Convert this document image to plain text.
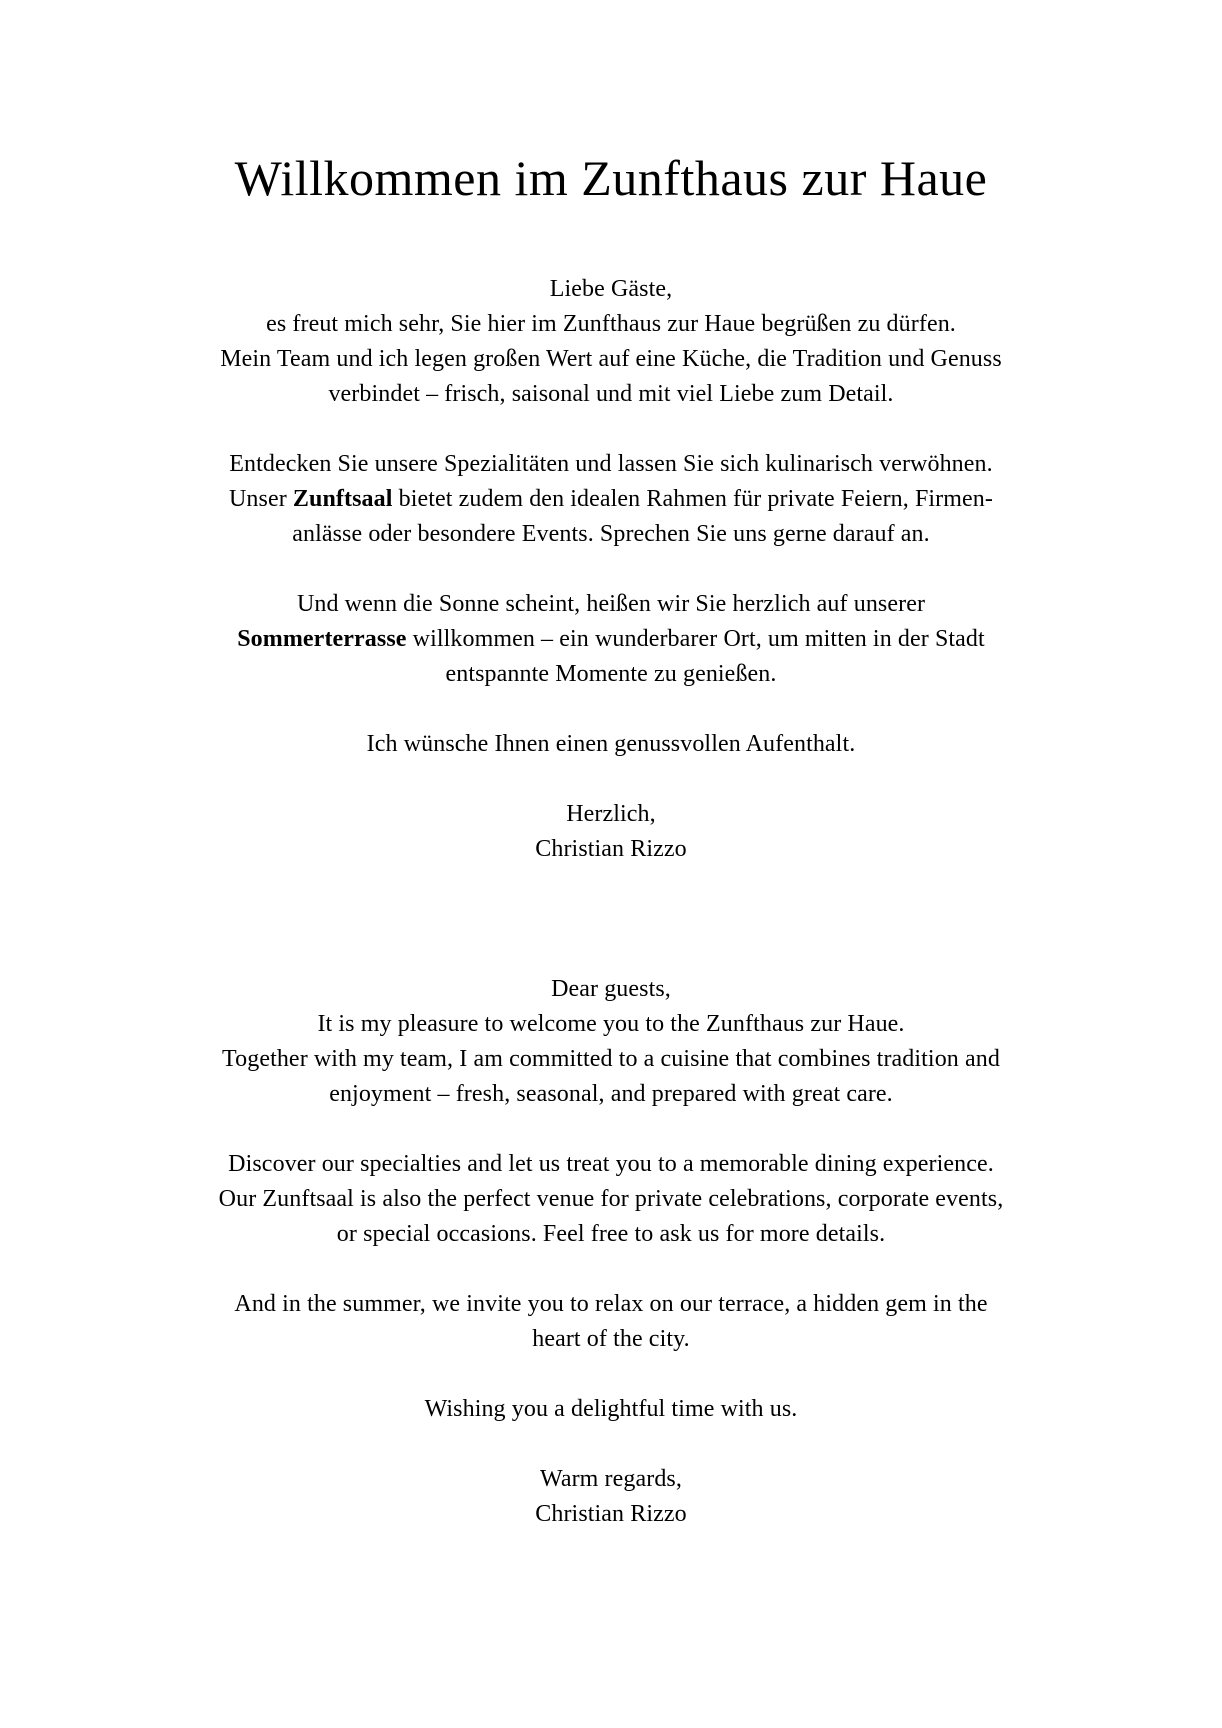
Willkommen im Zunfthaus zur Haue
Liebe Gäste,
es freut mich sehr, Sie hier im Zunfthaus zur Haue begrüßen zu dürfen.
Mein Team und ich legen großen Wert auf eine Küche, die Tradition und Genuss
verbindet – frisch, saisonal und mit viel Liebe zum Detail.
Entdecken Sie unsere Spezialitäten und lassen Sie sich kulinarisch verwöhnen.
Unser Zunftsaal bietet zudem den idealen Rahmen für private Feiern, Firmen-
anlässe oder besondere Events. Sprechen Sie uns gerne darauf an.
Und wenn die Sonne scheint, heißen wir Sie herzlich auf unserer
Sommerterrasse willkommen – ein wunderbarer Ort, um mitten in der Stadt
entspannte Momente zu genießen.
Ich wünsche Ihnen einen genussvollen Aufenthalt.
Herzlich,
Christian Rizzo
Dear guests,
It is my pleasure to welcome you to the Zunfthaus zur Haue.
Together with my team, I am committed to a cuisine that combines tradition and
enjoyment – fresh, seasonal, and prepared with great care.
Discover our specialties and let us treat you to a memorable dining experience.
Our Zunftsaal is also the perfect venue for private celebrations, corporate events,
or special occasions. Feel free to ask us for more details.
And in the summer, we invite you to relax on our terrace, a hidden gem in the
heart of the city.
Wishing you a delightful time with us.
Warm regards,
Christian Rizzo
